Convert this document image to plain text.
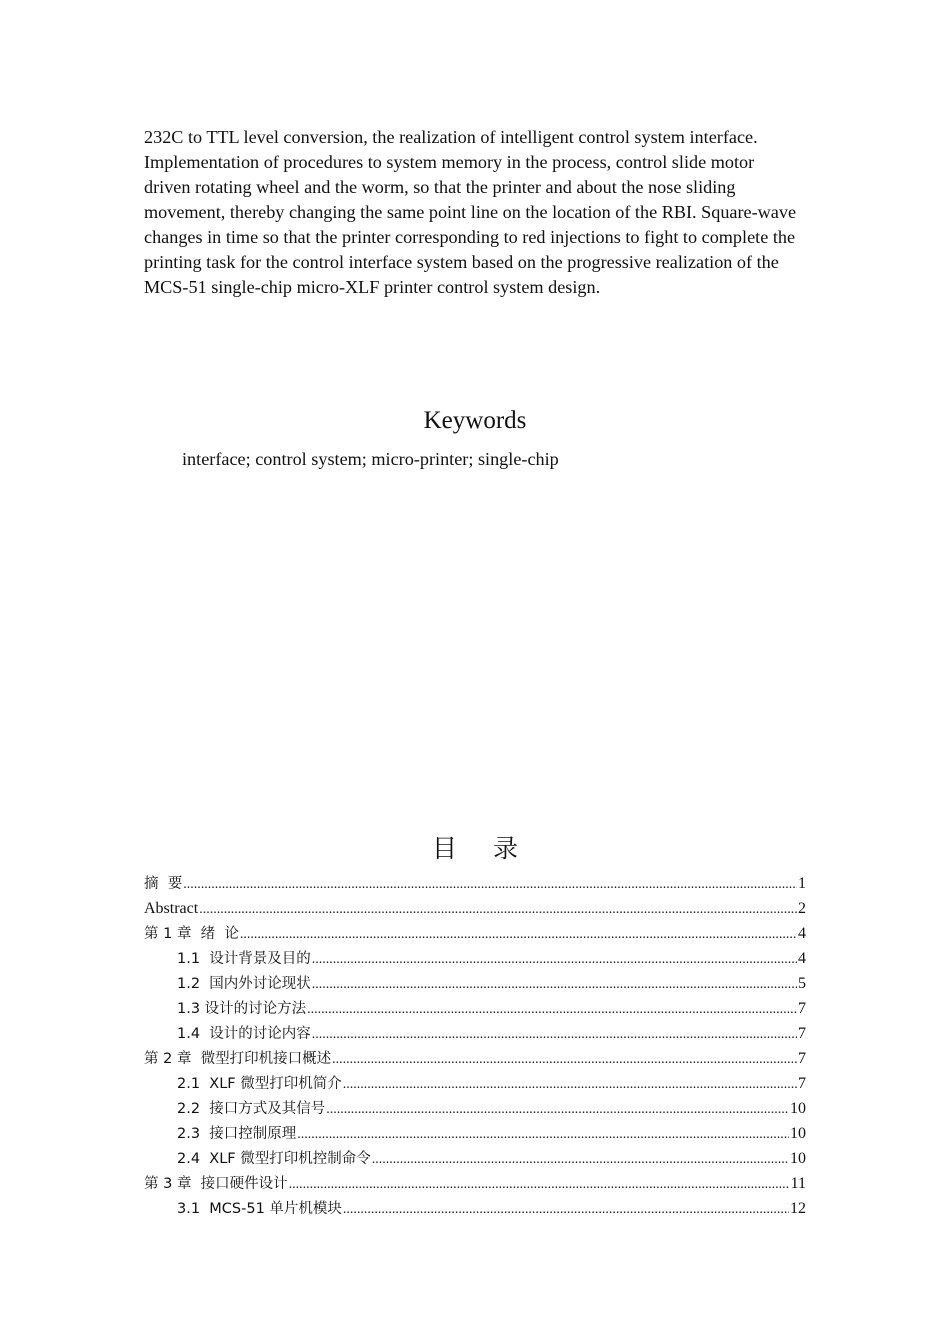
232C to TTL level conversion, the realization of intelligent control system interface. Implementation of procedures to system memory in the process, control slide motor driven rotating wheel and the worm, so that the printer and about the nose sliding movement, thereby changing the same point line on the location of the RBI. Square-wave changes in time so that the printer corresponding to red injections to fight to complete the printing task for the control interface system based on the progressive realization of the MCS-51 single-chip micro-XLF printer control system design.

Keywords
interface; control system; micro-printer; single-chip
目 录
摘  要 .....	1
Abstract .....	2
第 1 章  绪  论 .....	4
1.1  设计背景及目的 .....	4
1.2  国内外讨论现状 .....	5
1.3 设计的讨论方法 .....	7
1.4  设计的讨论内容 .....	7
第 2 章  微型打印机接口概述 .....	7
2.1  XLF 微型打印机简介 .....	7
2.2  接口方式及其信号 .....	10
2.3  接口控制原理 .....	10
2.4  XLF 微型打印机控制命令 .....	10
第 3 章  接口硬件设计 .....	11
3.1  MCS-51 单片机模块 .....	12
